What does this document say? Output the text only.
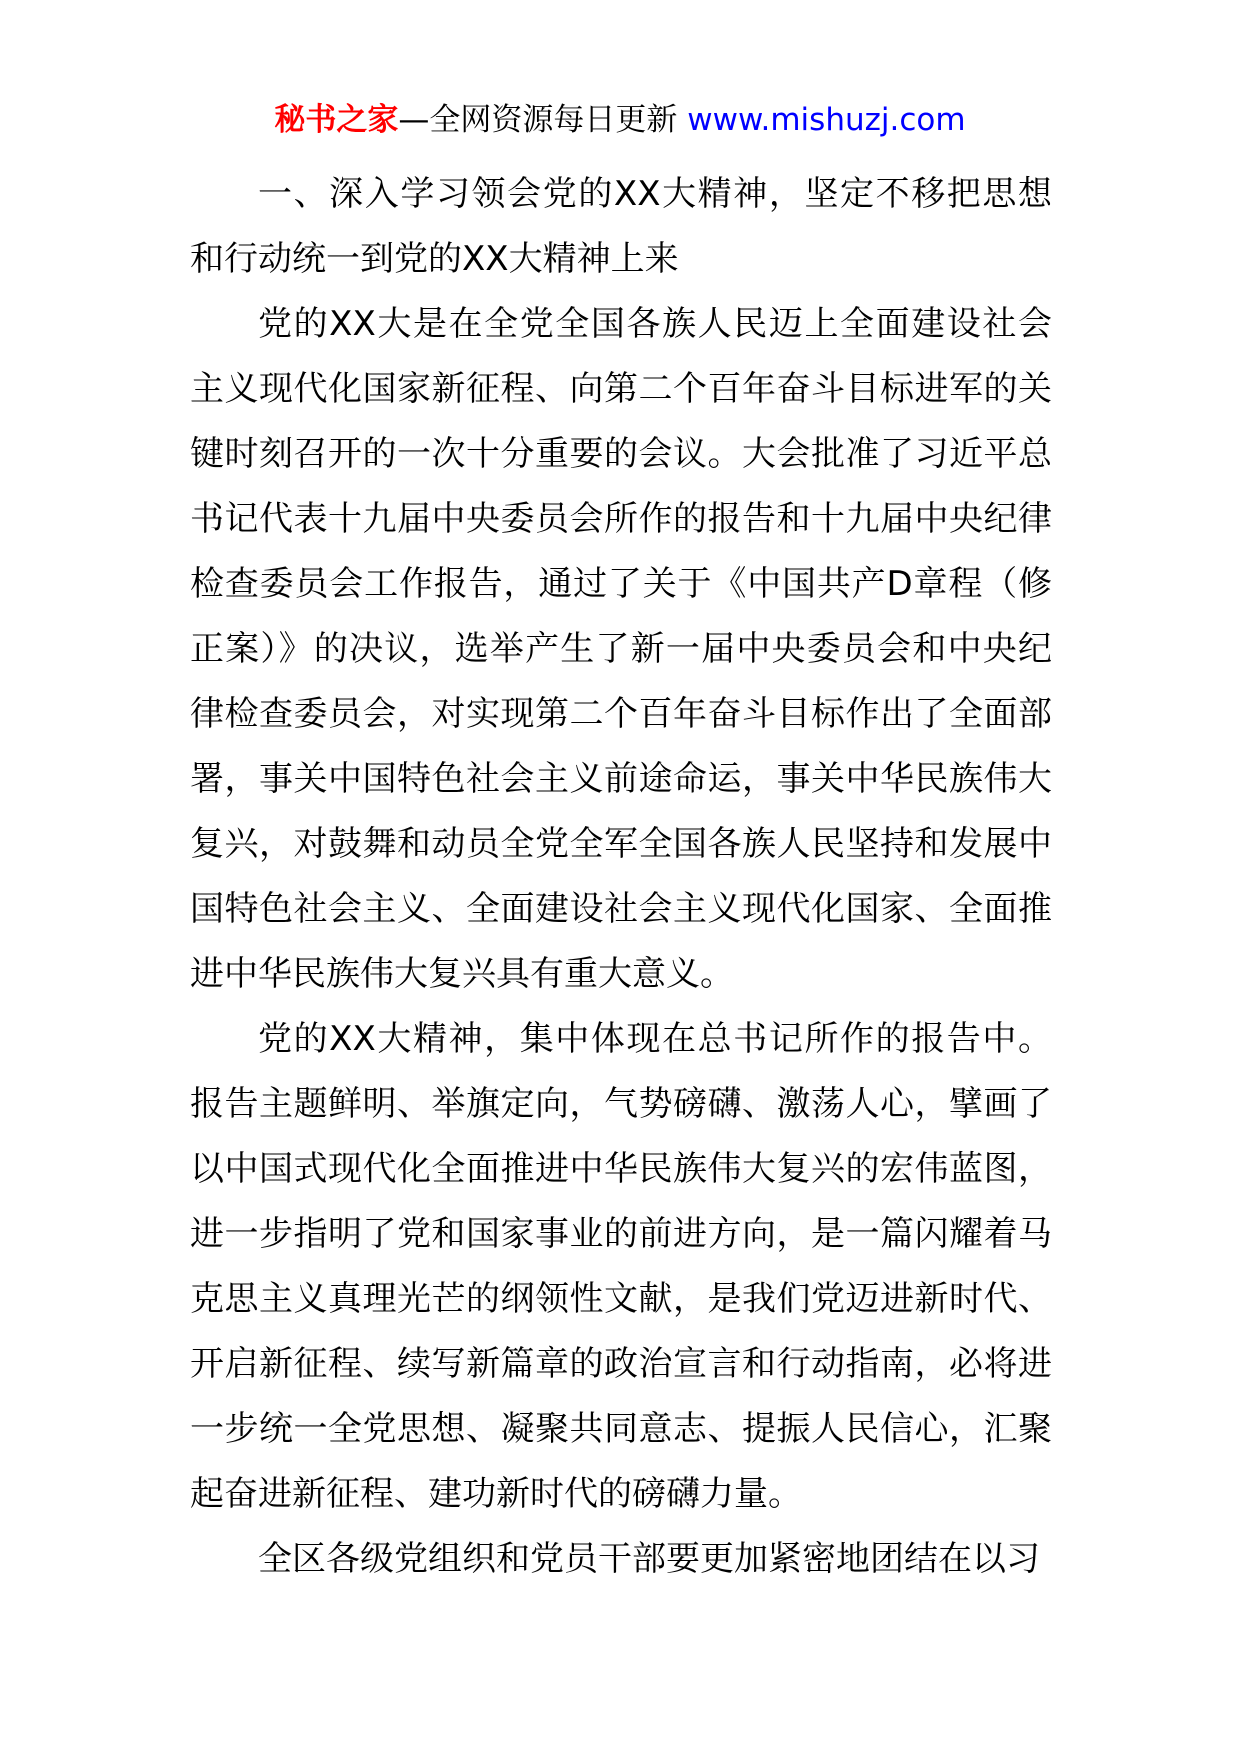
秘书之家—全网资源每日更新 www.mishuzj.com

一、深入学习领会党的XX大精神，坚定不移把思想和行动统一到党的XX大精神上来

党的XX大是在全党全国各族人民迈上全面建设社会主义现代化国家新征程、向第二个百年奋斗目标进军的关键时刻召开的一次十分重要的会议。大会批准了习近平总书记代表十九届中央委员会所作的报告和十九届中央纪律检查委员会工作报告，通过了关于《中国共产D章程（修正案）》的决议，选举产生了新一届中央委员会和中央纪律检查委员会，对实现第二个百年奋斗目标作出了全面部署，事关中国特色社会主义前途命运，事关中华民族伟大复兴，对鼓舞和动员全党全军全国各族人民坚持和发展中国特色社会主义、全面建设社会主义现代化国家、全面推进中华民族伟大复兴具有重大意义。

党的XX大精神，集中体现在总书记所作的报告中。报告主题鲜明、举旗定向，气势磅礴、激荡人心，擘画了以中国式现代化全面推进中华民族伟大复兴的宏伟蓝图，进一步指明了党和国家事业的前进方向，是一篇闪耀着马克思主义真理光芒的纲领性文献，是我们党迈进新时代、开启新征程、续写新篇章的政治宣言和行动指南，必将进一步统一全党思想、凝聚共同意志、提振人民信心，汇聚起奋进新征程、建功新时代的磅礴力量。

全区各级党组织和党员干部要更加紧密地团结在以习
